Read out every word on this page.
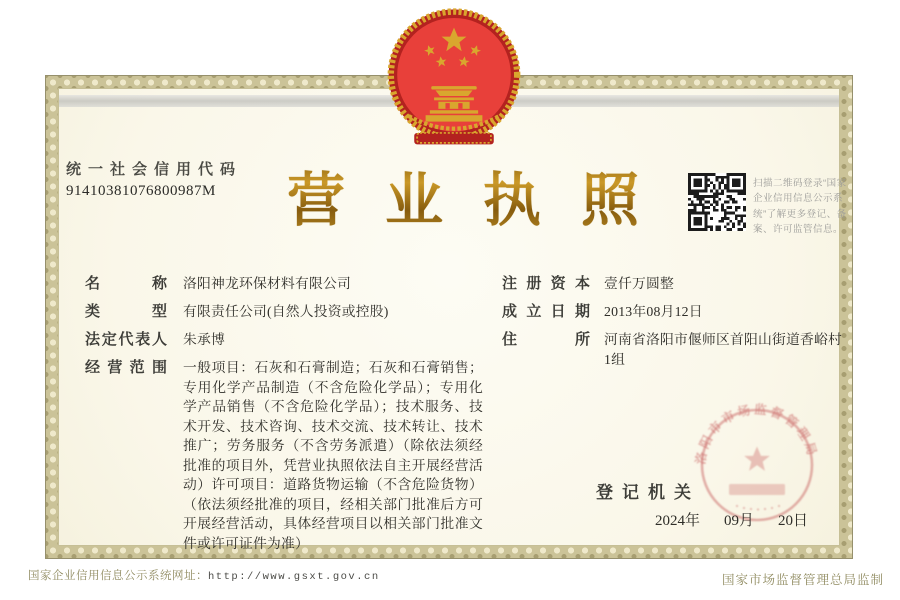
统一社会信用代码
91410381076800987M	营业执照	扫描二维码登录“国家企业信用信息公示系统”了解更多登记、备案、许可监管信息。
名称 洛阳神龙环保材料有限公司
类型 有限责任公司(自然人投资或控股)
法定代表人 朱承博
经营范围 一般项目：石灰和石膏制造；石灰和石膏销售；专用化学产品制造（不含危险化学品）；专用化学产品销售（不含危险化学品）；技术服务、技术开发、技术咨询、技术交流、技术转让、技术推广；劳务服务（不含劳务派遣）（除依法须经批准的项目外，凭营业执照依法自主开展经营活动）许可项目：道路货物运输（不含危险货物）（依法须经批准的项目，经相关部门批准后方可开展经营活动，具体经营项目以相关部门批准文件或许可证件为准）
注册资本 壹仟万圆整
成立日期 2013年08月12日
住所 河南省洛阳市偃师区首阳山街道香峪村1组
登记机关
2024年 09月 20日
洛阳市市场监督管理局
国家企业信用信息公示系统网址：http://www.gsxt.gov.cn	国家市场监督管理总局监制
